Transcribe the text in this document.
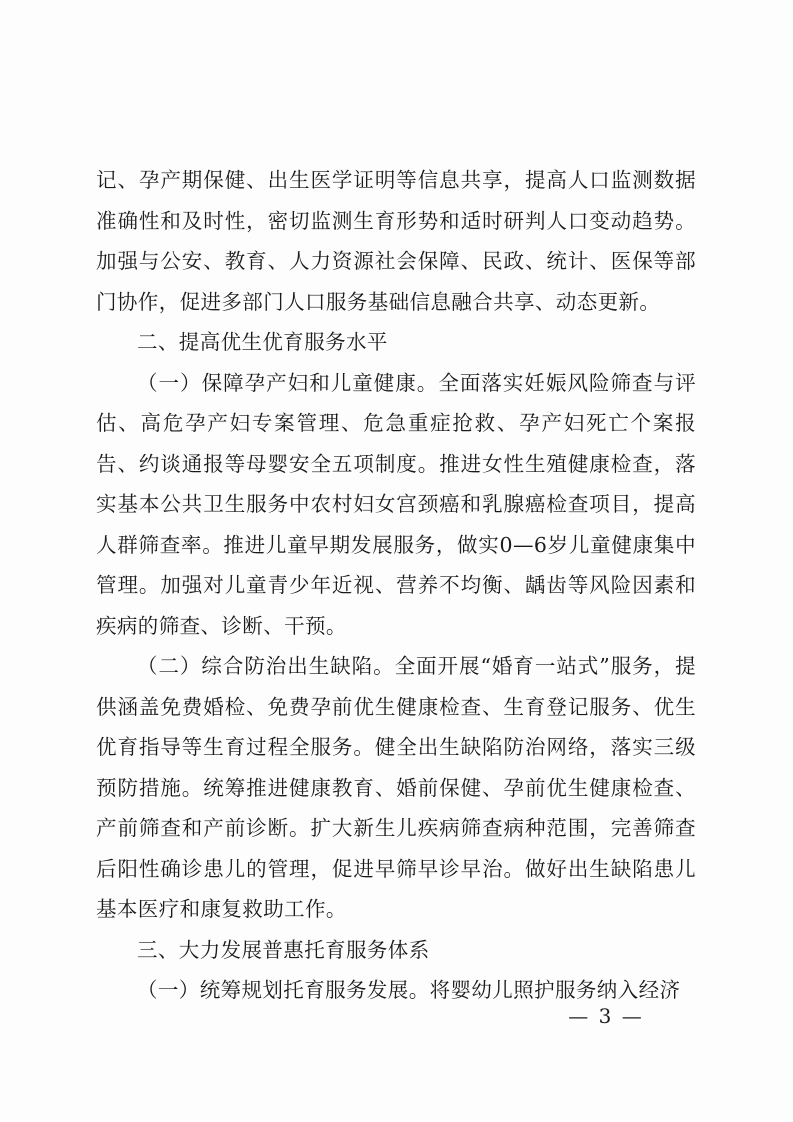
记、孕产期保健、出生医学证明等信息共享，提高人口监测数据准确性和及时性，密切监测生育形势和适时研判人口变动趋势。加强与公安、教育、人力资源社会保障、民政、统计、医保等部门协作，促进多部门人口服务基础信息融合共享、动态更新。

二、提高优生优育服务水平

（一）保障孕产妇和儿童健康。全面落实妊娠风险筛查与评估、高危孕产妇专案管理、危急重症抢救、孕产妇死亡个案报告、约谈通报等母婴安全五项制度。推进女性生殖健康检查，落实基本公共卫生服务中农村妇女宫颈癌和乳腺癌检查项目，提高人群筛查率。推进儿童早期发展服务，做实0—6岁儿童健康集中管理。加强对儿童青少年近视、营养不均衡、龋齿等风险因素和疾病的筛查、诊断、干预。

（二）综合防治出生缺陷。全面开展“婚育一站式”服务，提供涵盖免费婚检、免费孕前优生健康检查、生育登记服务、优生优育指导等生育过程全服务。健全出生缺陷防治网络，落实三级预防措施。统筹推进健康教育、婚前保健、孕前优生健康检查、产前筛查和产前诊断。扩大新生儿疾病筛查病种范围，完善筛查后阳性确诊患儿的管理，促进早筛早诊早治。做好出生缺陷患儿基本医疗和康复救助工作。

三、大力发展普惠托育服务体系

（一）统筹规划托育服务发展。将婴幼儿照护服务纳入经济

— 3 —
